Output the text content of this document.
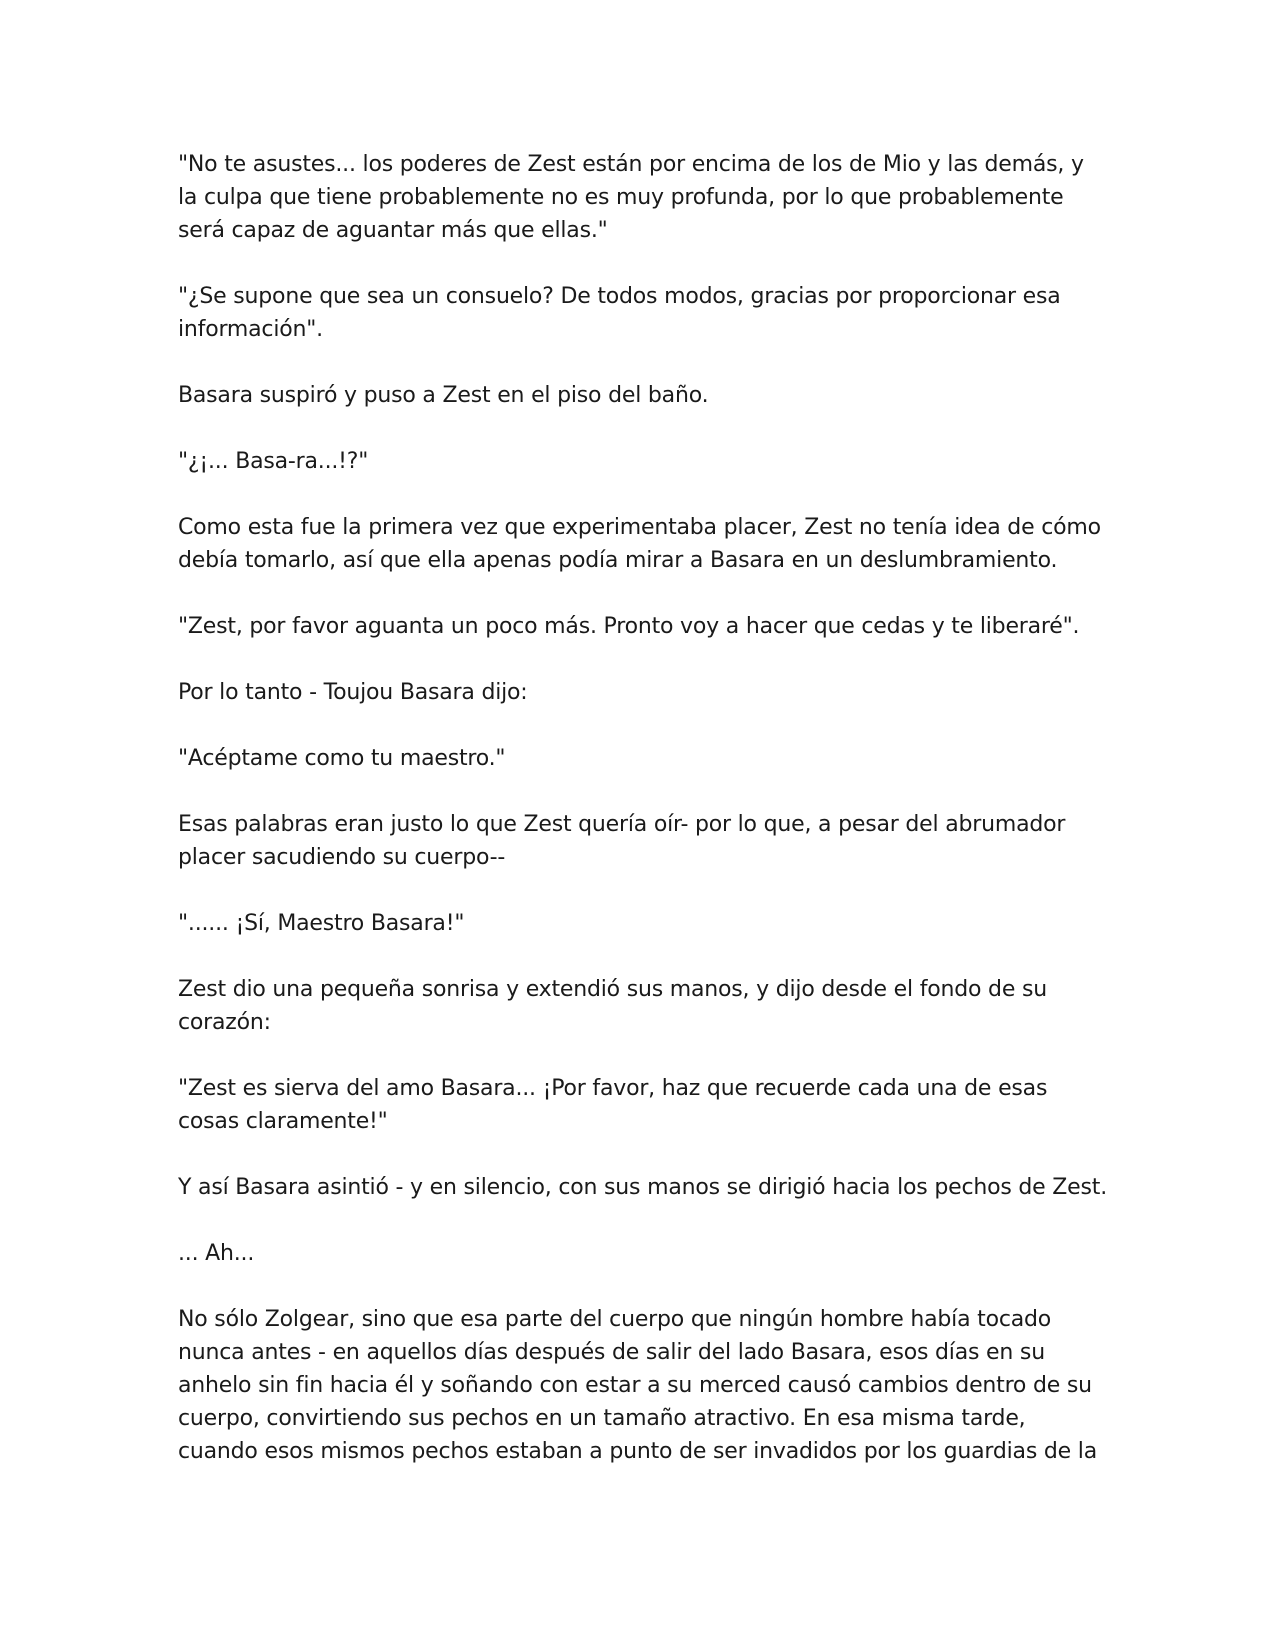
"No te asustes... los poderes de Zest están por encima de los de Mio y las demás, y la culpa que tiene probablemente no es muy profunda, por lo que probablemente será capaz de aguantar más que ellas."

"¿Se supone que sea un consuelo? De todos modos, gracias por proporcionar esa información".

Basara suspiró y puso a Zest en el piso del baño.

"¿¡... Basa-ra...!?"

Como esta fue la primera vez que experimentaba placer, Zest no tenía idea de cómo debía tomarlo, así que ella apenas podía mirar a Basara en un deslumbramiento.

"Zest, por favor aguanta un poco más. Pronto voy a hacer que cedas y te liberaré".

Por lo tanto - Toujou Basara dijo:

"Acéptame como tu maestro."

Esas palabras eran justo lo que Zest quería oír- por lo que, a pesar del abrumador placer sacudiendo su cuerpo--

"...... ¡Sí, Maestro Basara!"

Zest dio una pequeña sonrisa y extendió sus manos, y dijo desde el fondo de su corazón:

"Zest es sierva del amo Basara... ¡Por favor, haz que recuerde cada una de esas cosas claramente!"

Y así Basara asintió - y en silencio, con sus manos se dirigió hacia los pechos de Zest.

... Ah...

No sólo Zolgear, sino que esa parte del cuerpo que ningún hombre había tocado nunca antes - en aquellos días después de salir del lado Basara, esos días en su anhelo sin fin hacia él y soñando con estar a su merced causó cambios dentro de su cuerpo, convirtiendo sus pechos en un tamaño atractivo. En esa misma tarde, cuando esos mismos pechos estaban a punto de ser invadidos por los guardias de la
